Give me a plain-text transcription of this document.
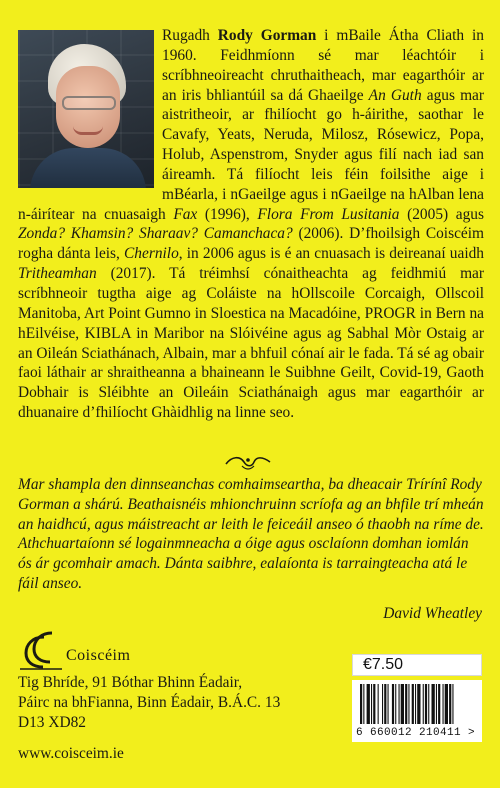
Rugadh Rody Gorman i mBaile Átha Cliath in 1960. Feidhmíonn sé mar léachtóir i scríbhneoireacht chruthaitheach, mar eagarthóir ar an iris bhliantúil sa dá Ghaeilge An Guth agus mar aistritheoir, ar fhilíocht go h-áirithe, saothar le Cavafy, Yeats, Neruda, Milosz, Rósewicz, Popa, Holub, Aspenstrom, Snyder agus filí nach iad san áireamh. Tá filíocht leis féin foilsithe aige i mBéarla, i nGaeilge agus i nGaeilge na hAlban lena n-áirítear na cnuasaigh Fax (1996), Flora From Lusitania (2005) agus Zonda? Khamsin? Sharaav? Camanchaca? (2006). D’fhoilsigh Coiscéim rogha dánta leis, Chernilo, in 2006 agus is é an cnuasach is deireanaí uaidh Tritheamhan (2017). Tá tréimhsí cónaitheachta ag feidhmiú mar scríbhneoir tugtha aige ag Coláiste na hOllscoile Corcaigh, Ollscoil Manitoba, Art Point Gumno in Sloestica na Macadóine, PROGR in Bern na hEilvéise, KIBLA in Maribor na Slóivéine agus ag Sabhal Mòr Ostaig ar an Oileán Sciathánach, Albain, mar a bhfuil cónaí air le fada. Tá sé ag obair faoi láthair ar shraitheanna a bhaineann le Suibhne Geilt, Covid-19, Gaoth Dobhair is Sléibhte an Oileáin Sciathánaigh agus mar eagarthóir ar dhuanaire d’fhilíocht Ghàidhlig na linne seo.
Mar shampla den dinnseanchas comhaimseartha, ba dheacair Trírínî Rody Gorman a shárú. Beathaisnéis mhionchruinn scríofa ag an bhfile trí mheán an haidhcú, agus máistreacht ar leith le feiceáil anseo ó thaobh na ríme de. Athchuartaíonn sé logainmneacha a óige agus osclaíonn domhan iomlán ós ár gcomhair amach. Dánta saibhre, ealaíonta is tarraingteacha atá le fáil anseo.
David Wheatley
Coiscéim
Tig Bhríde, 91 Bóthar Bhinn Éadair,
Páirc na bhFianna, Binn Éadair, B.Á.C. 13
D13 XD82
www.coisceim.ie
€7.50
6 660012 210411 >
